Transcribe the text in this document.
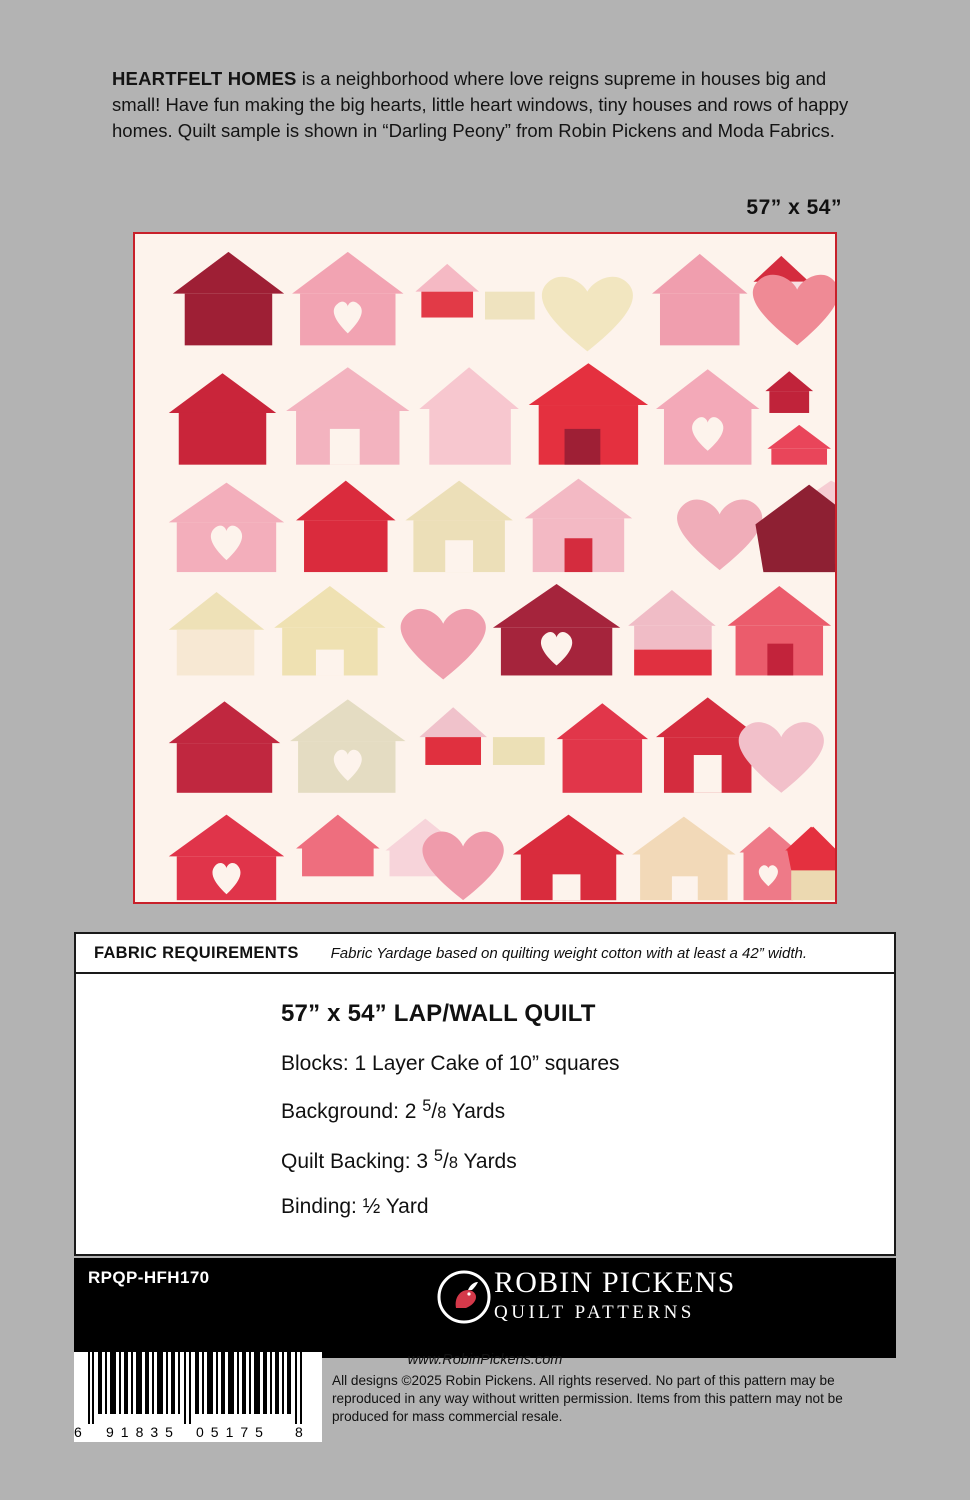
HEARTFELT HOMES is a neighborhood where love reigns supreme in houses big and small! Have fun making the big hearts, little heart windows, tiny houses and rows of happy homes. Quilt sample is shown in “Darling Peony” from Robin Pickens and Moda Fabrics.
57” x 54”
FABRIC REQUIREMENTS Fabric Yardage based on quilting weight cotton with at least a 42” width.
57” x 54” LAP/WALL QUILT
Blocks: 1 Layer Cake of 10” squares
Background: 2 $^5$/8 Yards
Quilt Backing: 3 $^5$/8 Yards
Binding: ½ Yard
RPQP-HFH170	ROBIN PICKENS
QUILT PATTERNS
www.RobinPickens.com
6 91835 05175 8
All designs ©2025 Robin Pickens. All rights reserved. No part of this pattern may be reproduced in any way without written permission. Items from this pattern may not be produced for mass commercial resale.
